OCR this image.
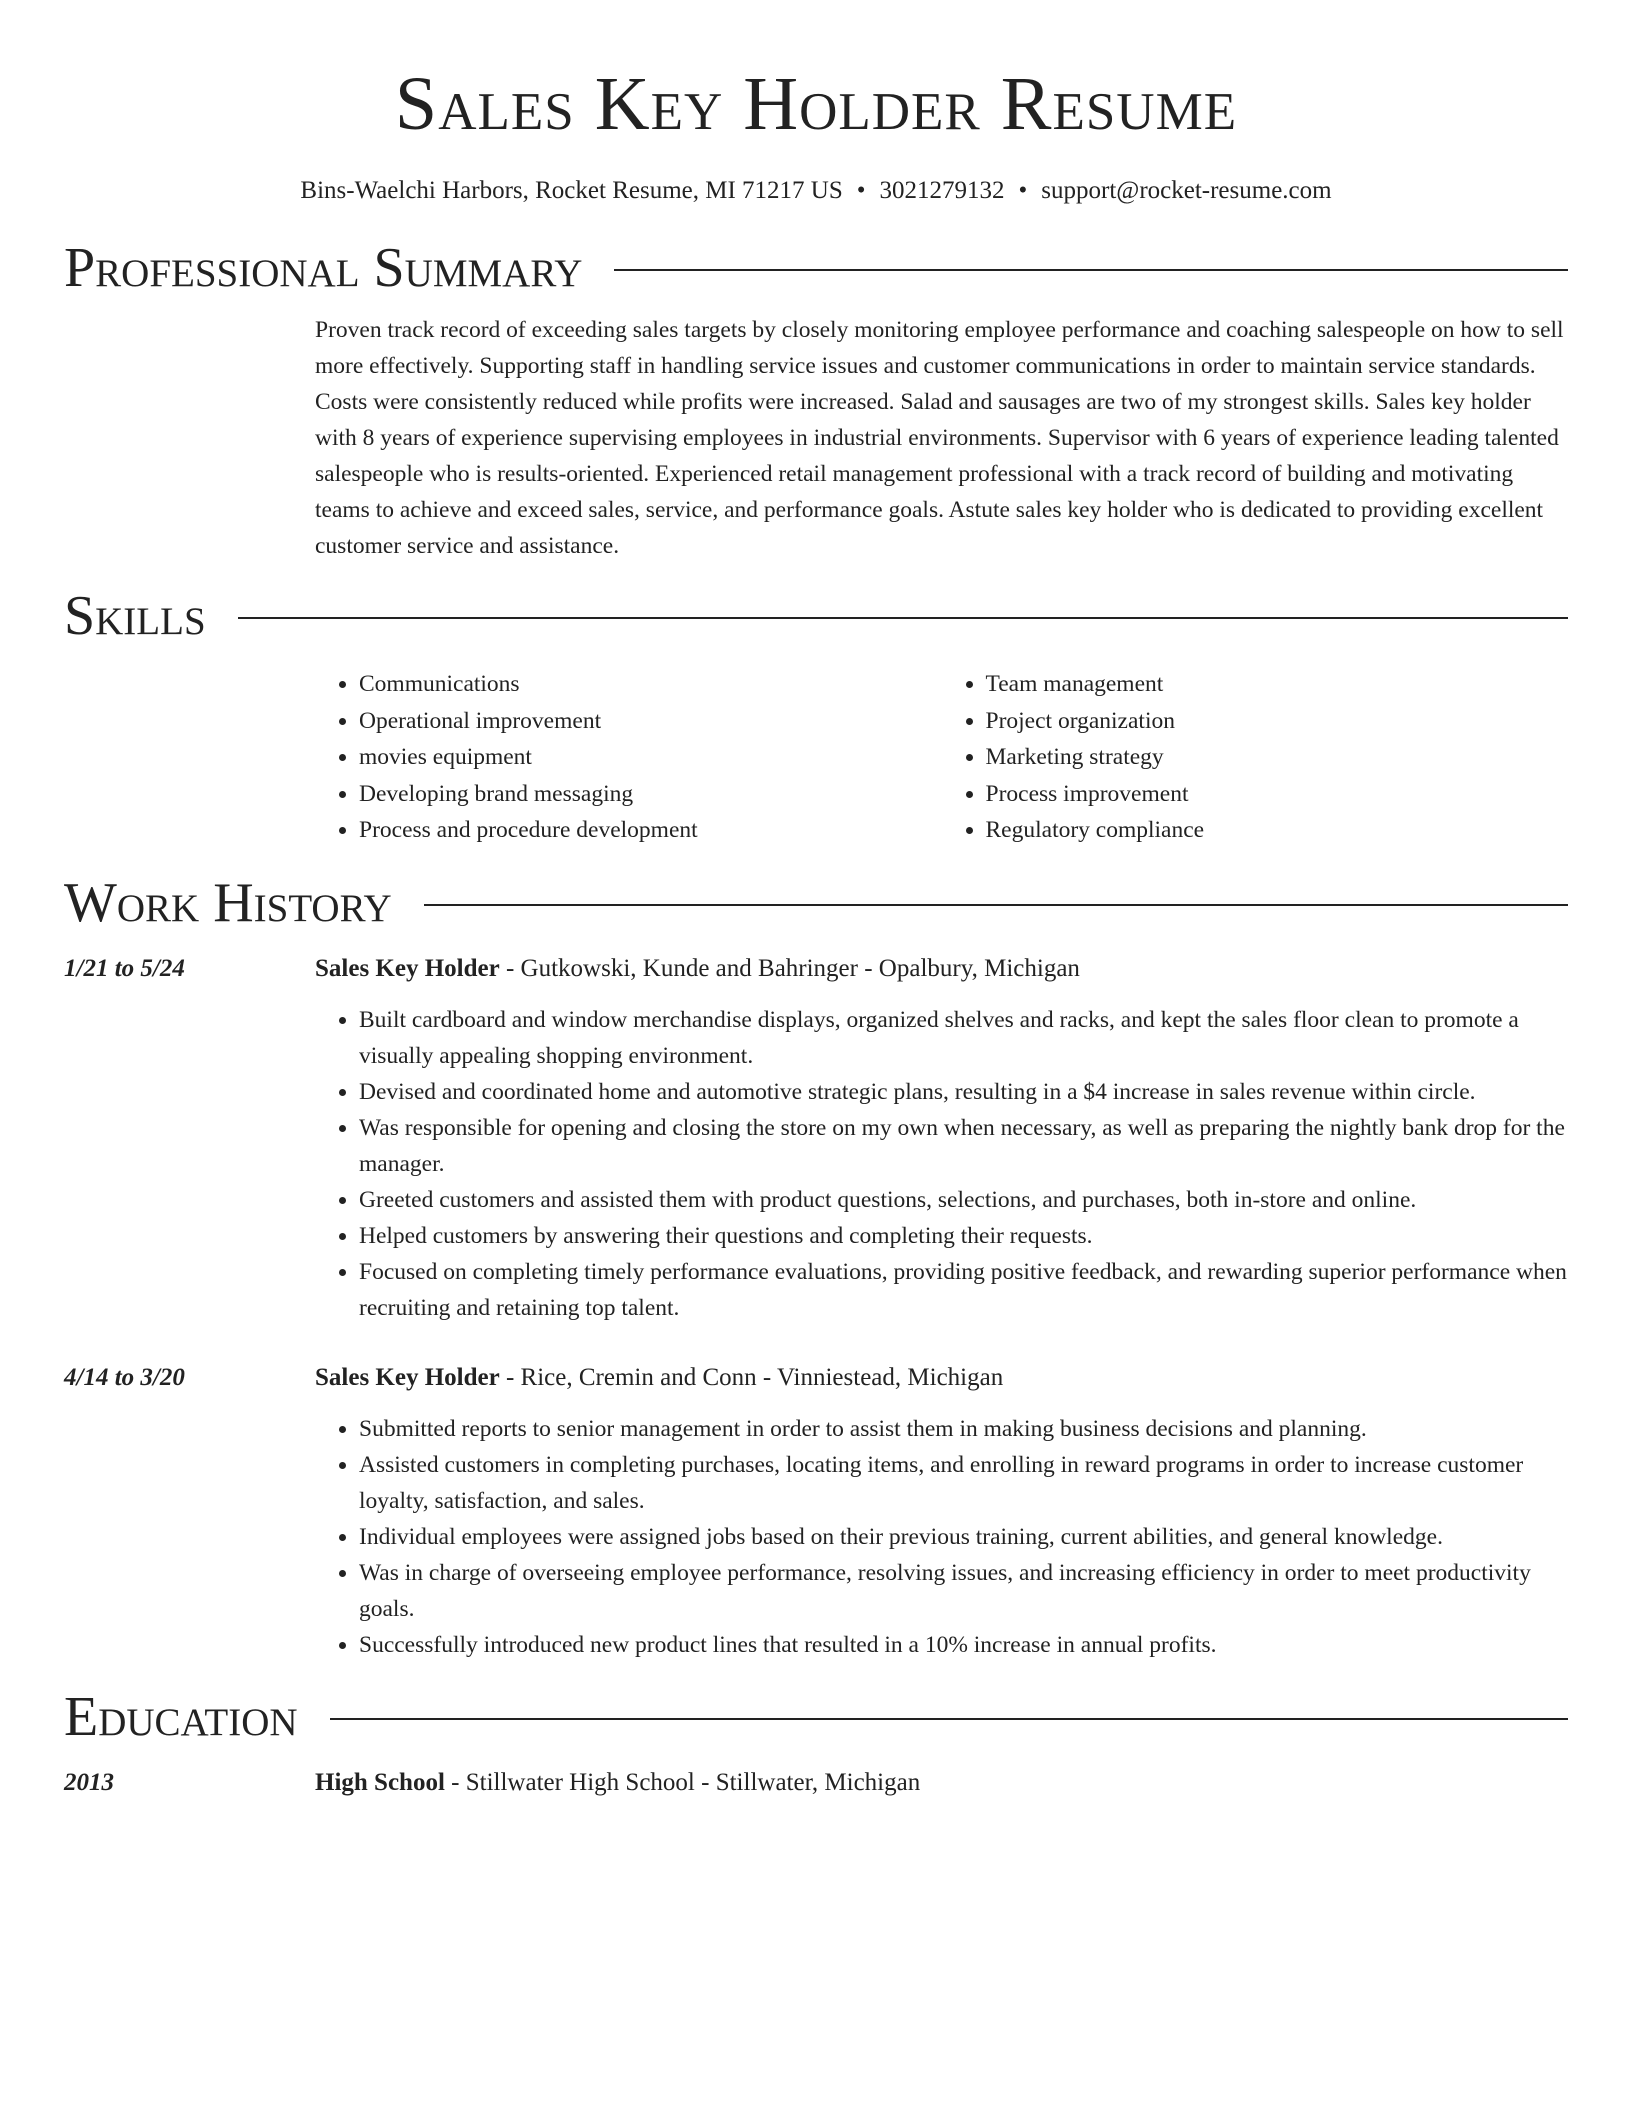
Sales Key Holder Resume
Bins-Waelchi Harbors, Rocket Resume, MI 71217 US • 3021279132 • support@rocket-resume.com
Professional Summary

Proven track record of exceeding sales targets by closely monitoring employee performance and coaching salespeople on how to sell more effectively. Supporting staff in handling service issues and customer communications in order to maintain service standards. Costs were consistently reduced while profits were increased. Salad and sausages are two of my strongest skills. Sales key holder with 8 years of experience supervising employees in industrial environments. Supervisor with 6 years of experience leading talented salespeople who is results-oriented. Experienced retail management professional with a track record of building and motivating teams to achieve and exceed sales, service, and performance goals. Astute sales key holder who is dedicated to providing excellent customer service and assistance.

Skills
• Communications
• Operational improvement
• movies equipment
• Developing brand messaging
• Process and procedure development
• Team management
• Project organization
• Marketing strategy
• Process improvement
• Regulatory compliance
Work History
1/21 to 5/24	Sales Key Holder - Gutkowski, Kunde and Bahringer - Opalbury, Michigan
• Built cardboard and window merchandise displays, organized shelves and racks, and kept the sales floor clean to promote a visually appealing shopping environment.
• Devised and coordinated home and automotive strategic plans, resulting in a $4 increase in sales revenue within circle.
• Was responsible for opening and closing the store on my own when necessary, as well as preparing the nightly bank drop for the manager.
• Greeted customers and assisted them with product questions, selections, and purchases, both in-store and online.
• Helped customers by answering their questions and completing their requests.
• Focused on completing timely performance evaluations, providing positive feedback, and rewarding superior performance when recruiting and retaining top talent.
4/14 to 3/20	Sales Key Holder - Rice, Cremin and Conn - Vinniestead, Michigan
• Submitted reports to senior management in order to assist them in making business decisions and planning.
• Assisted customers in completing purchases, locating items, and enrolling in reward programs in order to increase customer loyalty, satisfaction, and sales.
• Individual employees were assigned jobs based on their previous training, current abilities, and general knowledge.
• Was in charge of overseeing employee performance, resolving issues, and increasing efficiency in order to meet productivity goals.
• Successfully introduced new product lines that resulted in a 10% increase in annual profits.
Education
2013	High School - Stillwater High School - Stillwater, Michigan
